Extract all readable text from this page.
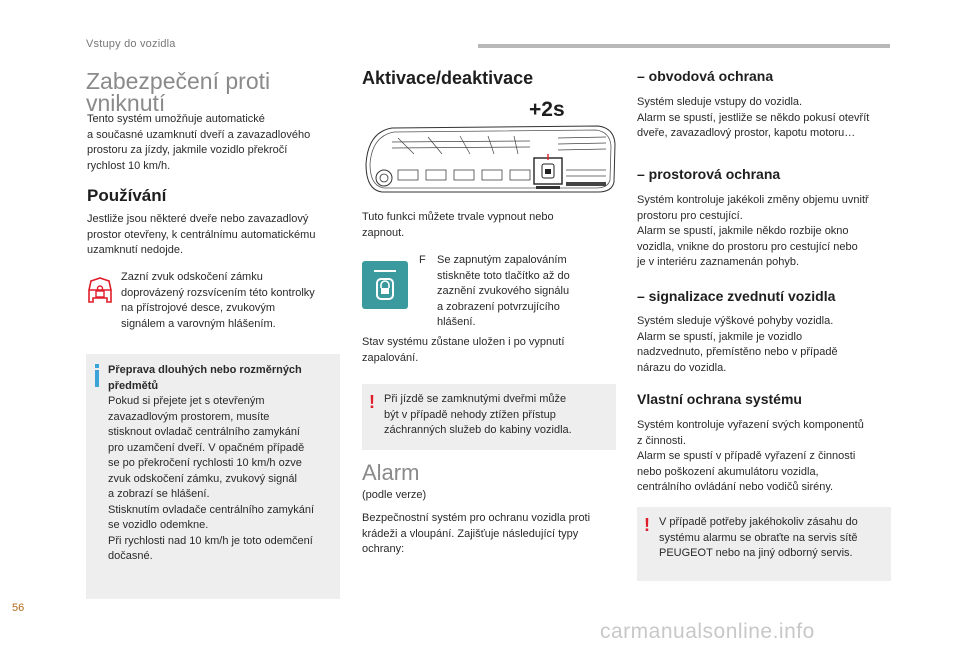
Vstupy do vozidla
Zabezpečení proti vniknutí
Tento systém umožňuje automatické
a současné uzamknutí dveří a zavazadlového
prostoru za jízdy, jakmile vozidlo překročí
rychlost 10 km/h.
Používání
Jestliže jsou některé dveře nebo zavazadlový
prostor otevřeny, k centrálnímu automatickému
uzamknutí nedojde.
Zazní zvuk odskočení zámku
doprovázený rozsvícením této kontrolky
na přístrojové desce, zvukovým
signálem a varovným hlášením.
Přeprava dlouhých nebo rozměrných
předmětů
Pokud si přejete jet s otevřeným
zavazadlovým prostorem, musíte
stisknout ovladač centrálního zamykání
pro uzamčení dveří. V opačném případě
se po překročení rychlosti 10 km/h ozve
zvuk odskočení zámku, zvukový signál
a zobrazí se hlášení.
Stisknutím ovladače centrálního zamykání
se vozidlo odemkne.
Při rychlosti nad 10 km/h je toto odemčení
dočasné.
Aktivace/deaktivace
+2s
Tuto funkci můžete trvale vypnout nebo
zapnout.
F	Se zapnutým zapalováním
stiskněte toto tlačítko až do
zaznění zvukového signálu
a zobrazení potvrzujícího
hlášení.
Stav systému zůstane uložen i po vypnutí
zapalování.
! Při jízdě se zamknutými dveřmi může
být v případě nehody ztížen přístup
záchranných služeb do kabiny vozidla.
Alarm
(podle verze)
Bezpečnostní systém pro ochranu vozidla proti
krádeži a vloupání. Zajišťuje následující typy
ochrany:
– obvodová ochrana
Systém sleduje vstupy do vozidla.
Alarm se spustí, jestliže se někdo pokusí otevřít
dveře, zavazadlový prostor, kapotu motoru…
– prostorová ochrana
Systém kontroluje jakékoli změny objemu uvnitř
prostoru pro cestující.
Alarm se spustí, jakmile někdo rozbije okno
vozidla, vnikne do prostoru pro cestující nebo
je v interiéru zaznamenán pohyb.
– signalizace zvednutí vozidla
Systém sleduje výškové pohyby vozidla.
Alarm se spustí, jakmile je vozidlo
nadzvednuto, přemístěno nebo v případě
nárazu do vozidla.
Vlastní ochrana systému
Systém kontroluje vyřazení svých komponentů
z činnosti.
Alarm se spustí v případě vyřazení z činnosti
nebo poškození akumulátoru vozidla,
centrálního ovládání nebo vodičů sirény.
! V případě potřeby jakéhokoliv zásahu do
systému alarmu se obraťte na servis sítě
PEUGEOT nebo na jiný odborný servis.
56
carmanualsonline.info
